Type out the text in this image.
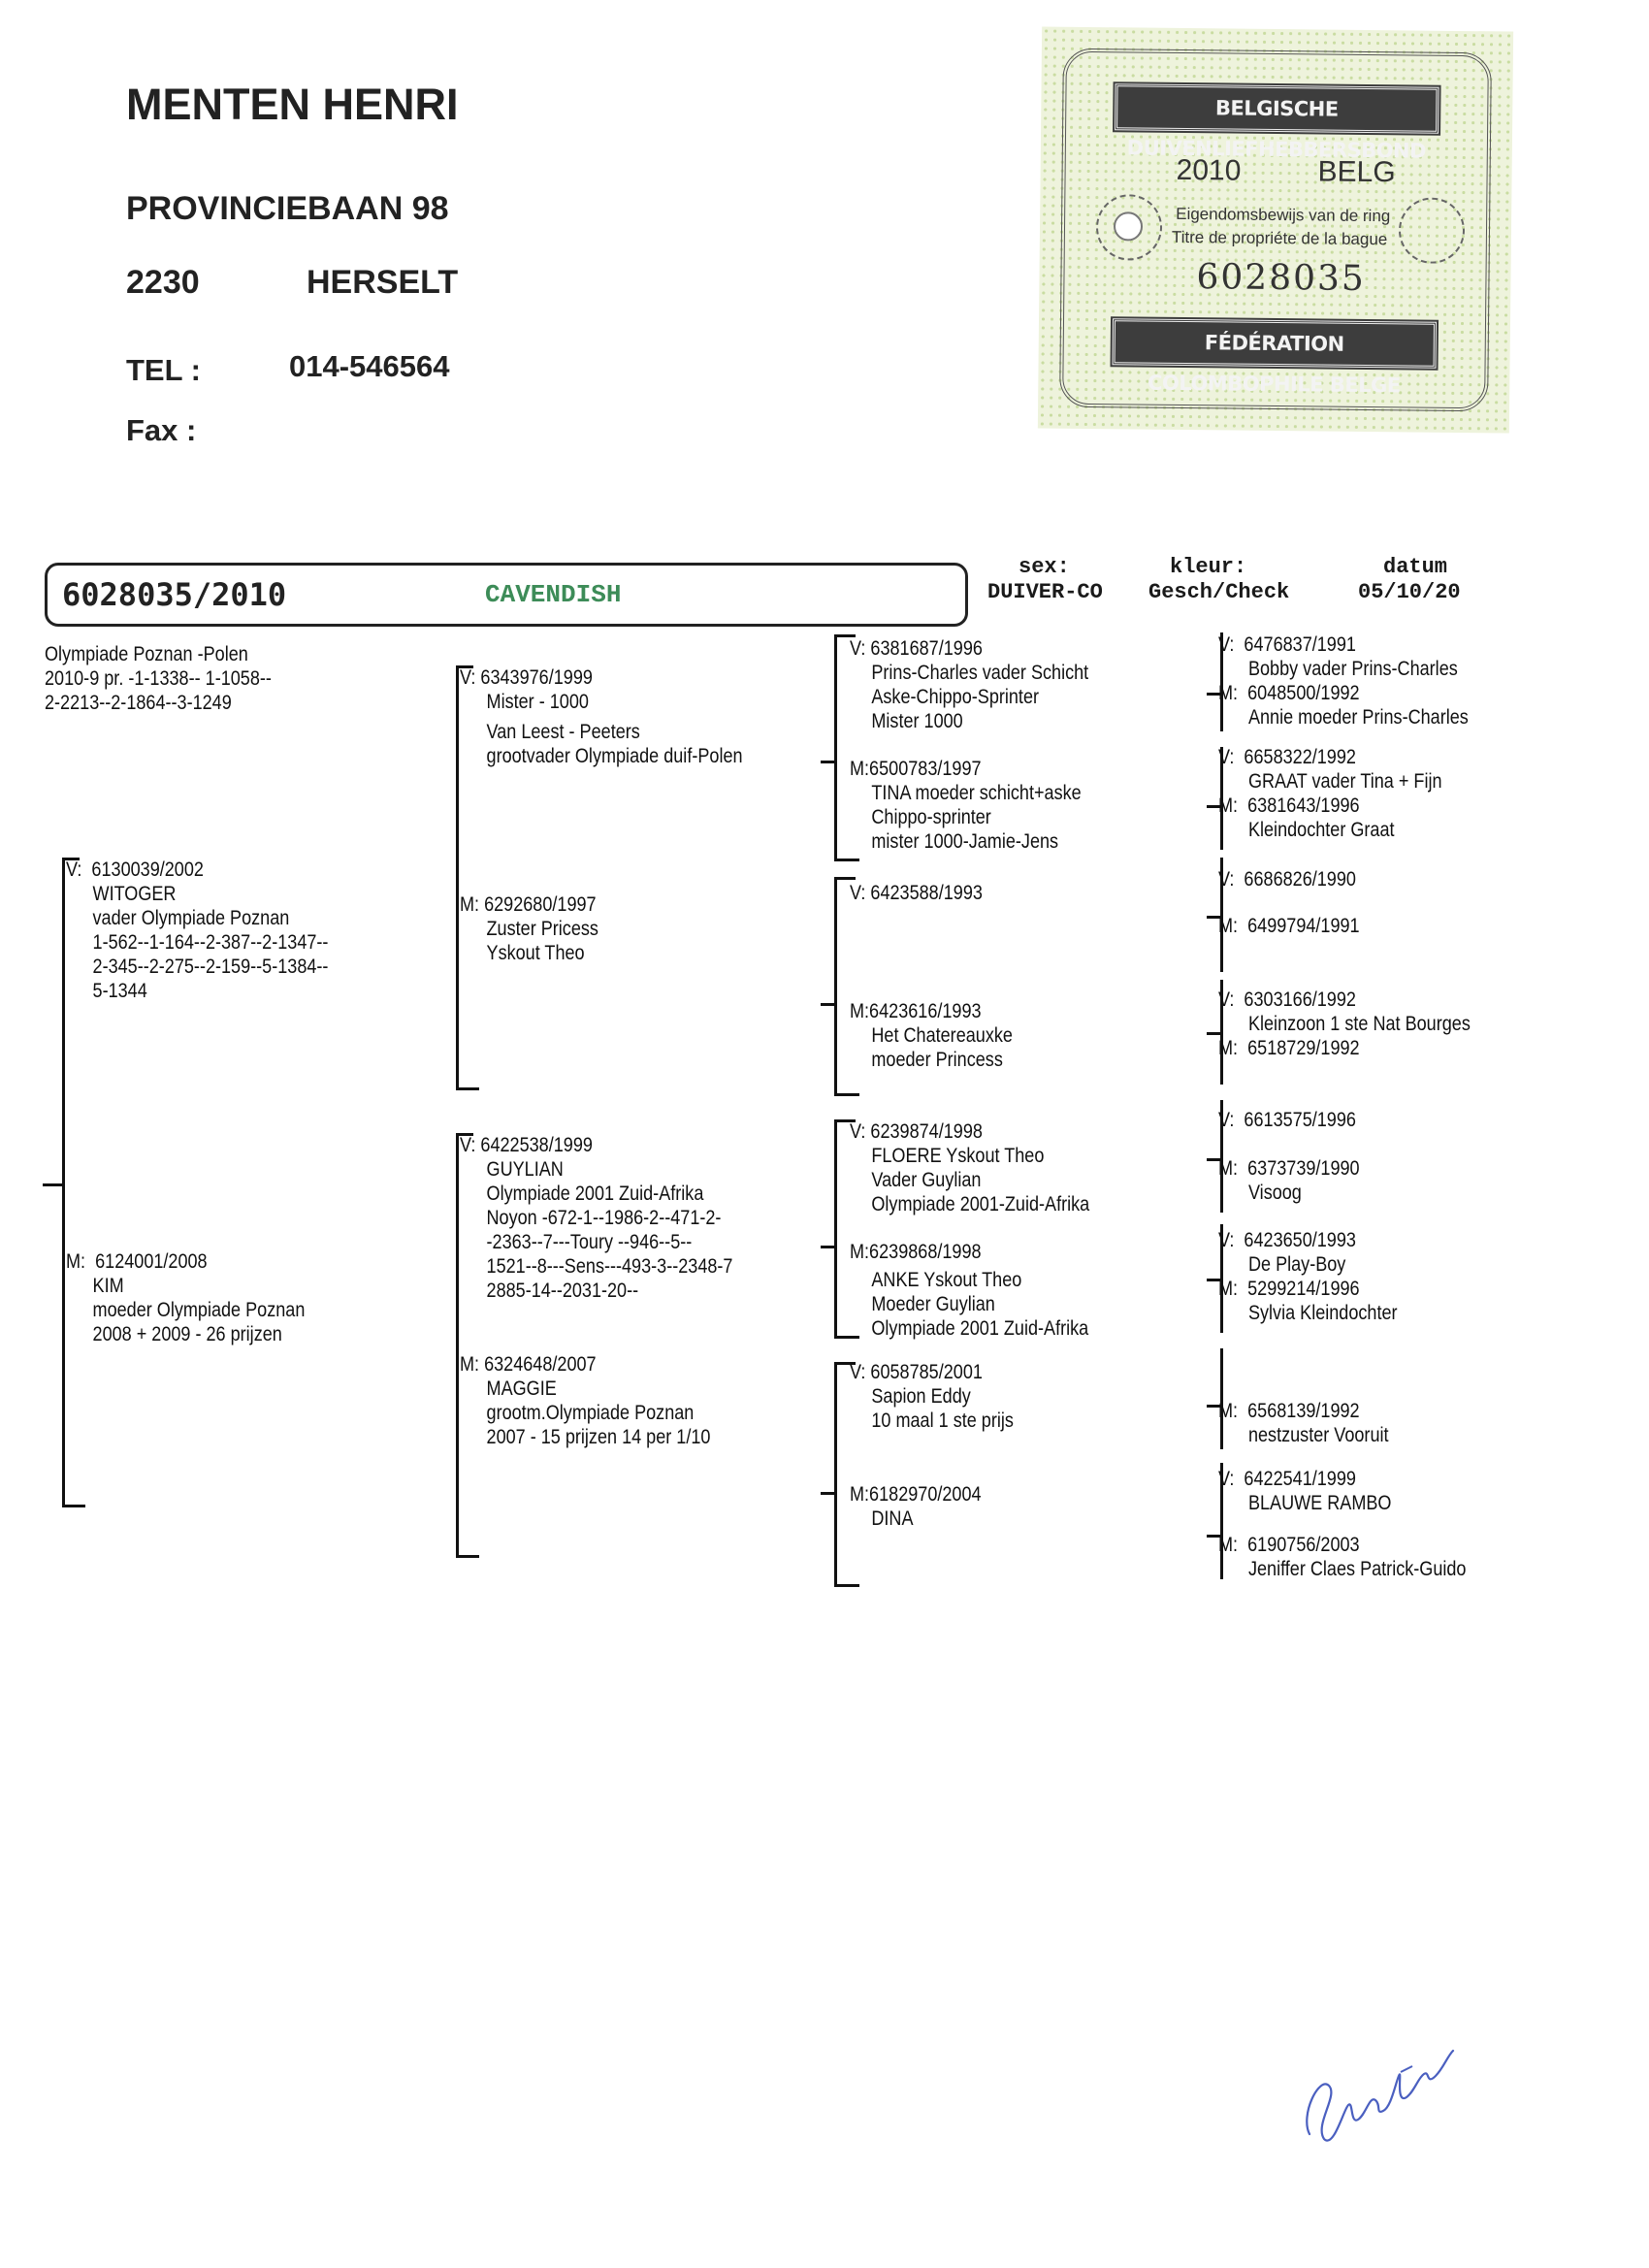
MENTEN HENRI
PROVINCIEBAAN 98
2230	HERSELT
TEL :	014-546564
Fax :
BELGISCHE DUIVENLIEFHEBBERSBOND
2010	BELG
Eigendomsbewijs van de ring
Titre de propriéte de la bague
6028035
FÉDÉRATION COLOMBOPHILE BELGE
6028035/2010	CAVENDISH
sex:
DUIVER-CO
kleur:
Gesch/Check
datum
05/10/20
Olympiade Poznan -Polen
2010-9 pr. -1-1338-- 1-1058--
2-2213--2-1864--3-1249
V: 6130039/2002
WITOGER
vader Olympiade Poznan
1-562--1-164--2-387--2-1347--
2-345--2-275--2-159--5-1384--
5-1344
M: 6124001/2008
KIM
moeder Olympiade Poznan
2008 + 2009 - 26 prijzen
V: 6343976/1999
Mister - 1000
Van Leest - Peeters
grootvader Olympiade duif-Polen
M: 6292680/1997
Zuster Pricess
Yskout Theo
V: 6422538/1999
GUYLIAN
Olympiade 2001 Zuid-Afrika
Noyon -672-1--1986-2--471-2-
-2363--7---Toury --946--5--
1521--8---Sens---493-3--2348-7
2885-14--2031-20--
M: 6324648/2007
MAGGIE
grootm.Olympiade Poznan
2007 - 15 prijzen 14 per 1/10
V: 6381687/1996
Prins-Charles vader Schicht
Aske-Chippo-Sprinter
Mister 1000
M:6500783/1997
TINA moeder schicht+aske
Chippo-sprinter
mister 1000-Jamie-Jens
V: 6423588/1993
M:6423616/1993
Het Chatereauxke
moeder Princess
V: 6239874/1998
FLOERE Yskout Theo
Vader Guylian
Olympiade 2001-Zuid-Afrika
M:6239868/1998
ANKE Yskout Theo
Moeder Guylian
Olympiade 2001 Zuid-Afrika
V: 6058785/2001
Sapion Eddy
10 maal 1 ste prijs
M:6182970/2004
DINA
V: 6476837/1991
Bobby vader Prins-Charles
M: 6048500/1992
Annie moeder Prins-Charles
V: 6658322/1992
GRAAT vader Tina + Fijn
M: 6381643/1996
Kleindochter Graat
V: 6686826/1990
M: 6499794/1991
V: 6303166/1992
Kleinzoon 1 ste Nat Bourges
M: 6518729/1992
V: 6613575/1996
M: 6373739/1990
Visoog
V: 6423650/1993
De Play-Boy
M: 5299214/1996
Sylvia Kleindochter
M: 6568139/1992
nestzuster Vooruit
V: 6422541/1999
BLAUWE RAMBO
M: 6190756/2003
Jeniffer Claes Patrick-Guido
